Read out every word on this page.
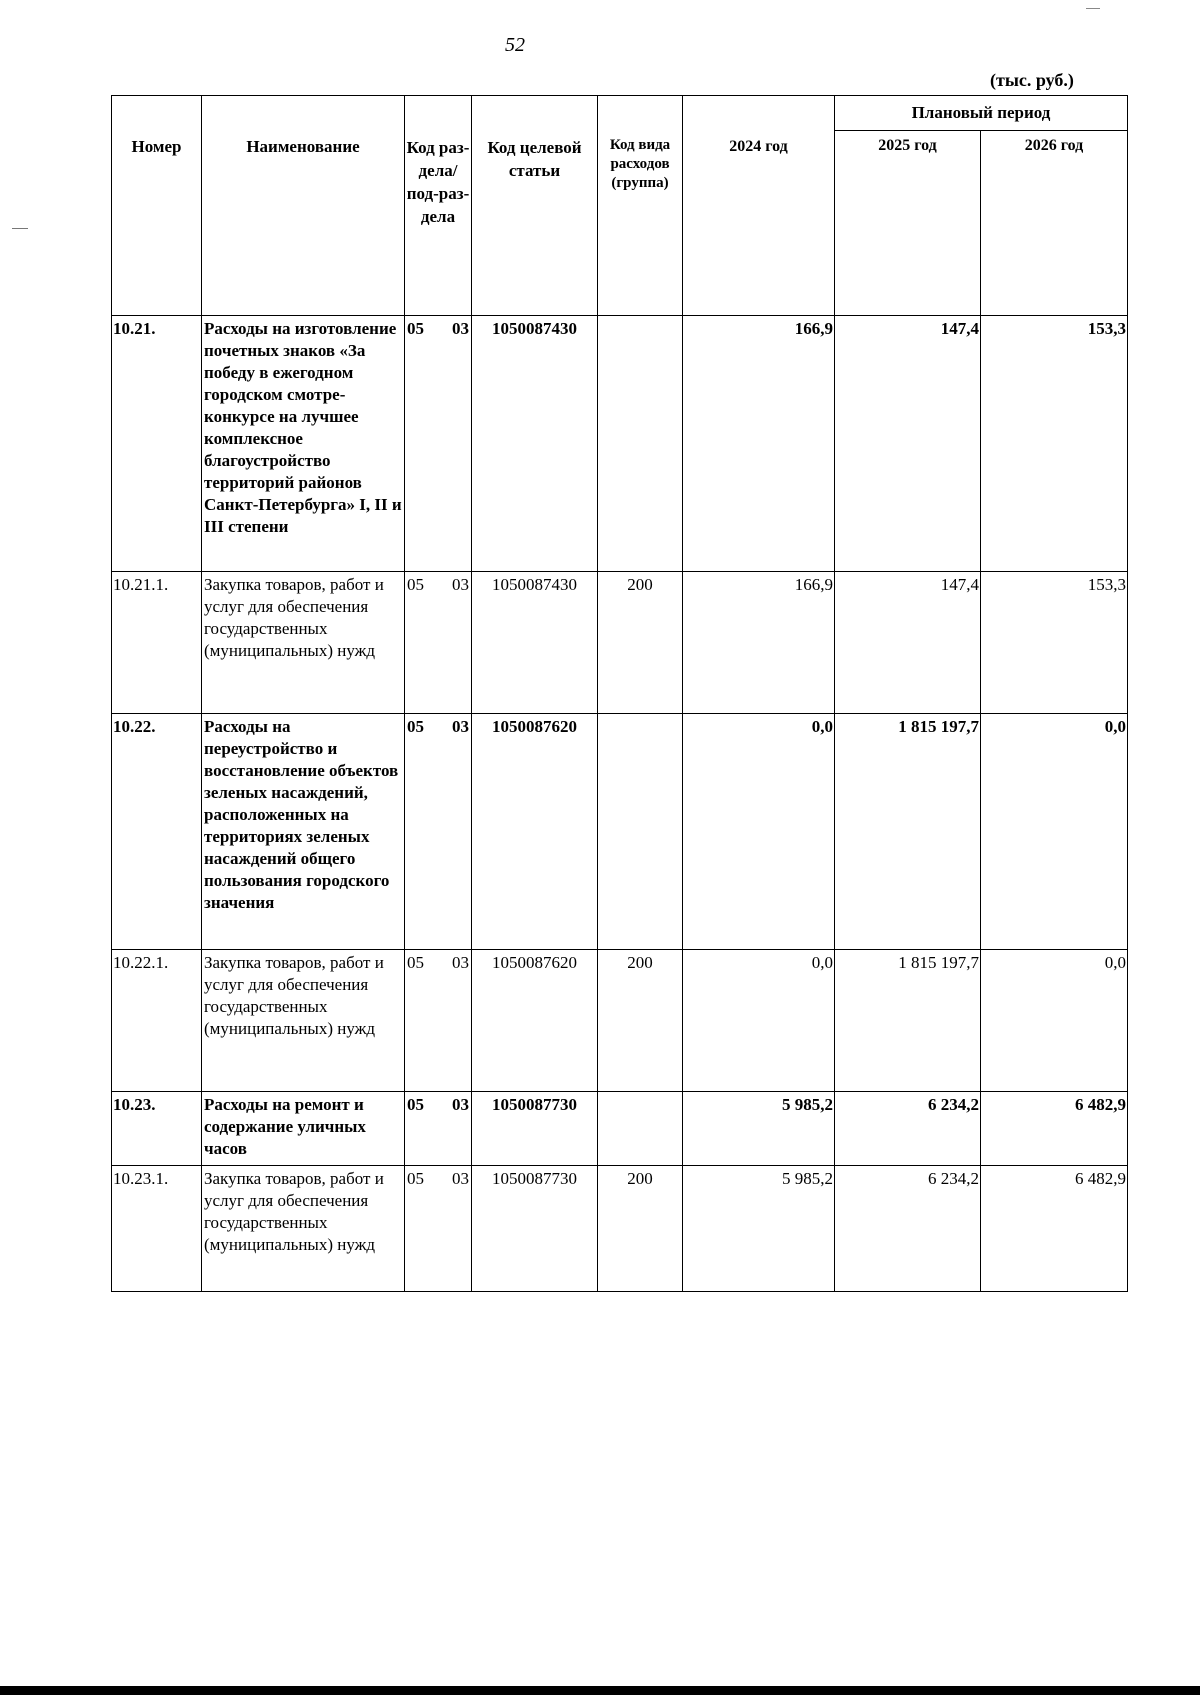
52
(тыс. руб.)
Номер	Наименование	Код раз-дела/ под-раз-дела	Код целевой статьи	Код вида расходов (группа)	2024 год	Плановый период	
						2025 год	2026 год
10.21.	Расходы на изготовление почетных знаков «За победу в ежегодном городском смотре-конкурсе на лучшее комплексное благоустройство территорий районов Санкт-Петербурга» I, II и III степени	05 03	1050087430		166,9	147,4	153,3
10.21.1.	Закупка товаров, работ и услуг для обеспечения государственных (муниципальных) нужд	05 03	1050087430	200	166,9	147,4	153,3
10.22.	Расходы на переустройство и восстановление объектов зеленых насаждений, расположенных на территориях зеленых насаждений общего пользования городского значения	05 03	1050087620		0,0	1 815 197,7	0,0
10.22.1.	Закупка товаров, работ и услуг для обеспечения государственных (муниципальных) нужд	05 03	1050087620	200	0,0	1 815 197,7	0,0
10.23.	Расходы на ремонт и содержание уличных часов	05 03	1050087730		5 985,2	6 234,2	6 482,9
10.23.1.	Закупка товаров, работ и услуг для обеспечения государственных (муниципальных) нужд	05 03	1050087730	200	5 985,2	6 234,2	6 482,9
